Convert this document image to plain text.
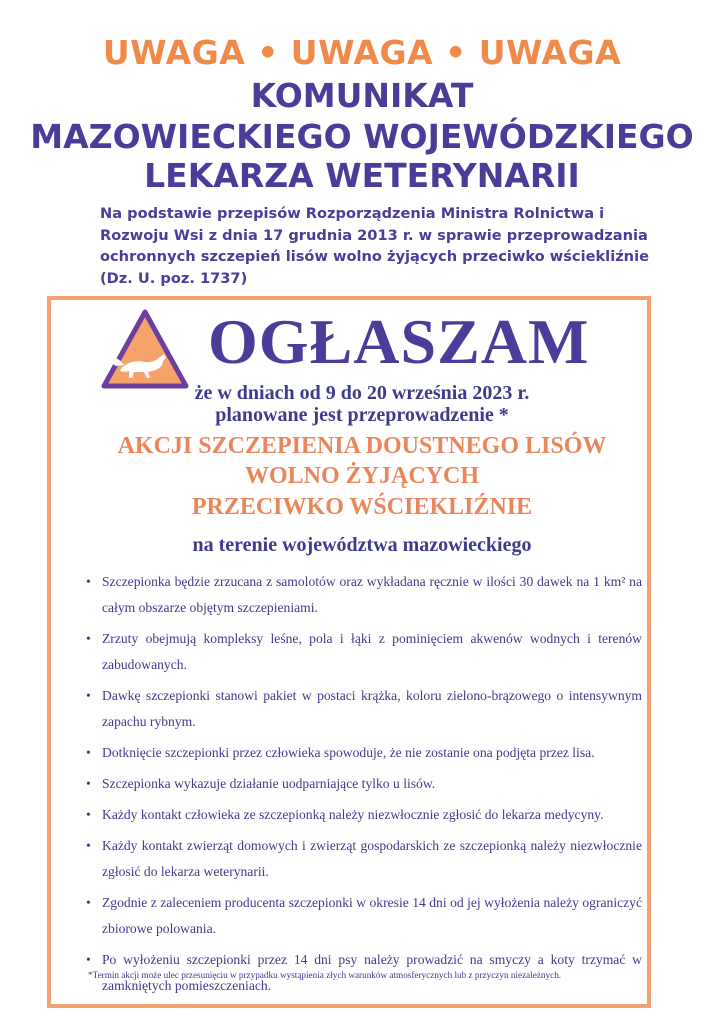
UWAGA • UWAGA • UWAGA
KOMUNIKAT
MAZOWIECKIEGO WOJEWÓDZKIEGO
LEKARZA WETERYNARII
Na podstawie przepisów Rozporządzenia Ministra Rolnictwa i Rozwoju Wsi z dnia 17 grudnia 2013 r. w sprawie przeprowadzania ochronnych szczepień lisów wolno żyjących przeciwko wściekliźnie (Dz. U. poz. 1737)
OGŁASZAM
że w dniach od 9 do 20 września 2023 r.
planowane jest przeprowadzenie *
AKCJI SZCZEPIENIA DOUSTNEGO LISÓW
WOLNO ŻYJĄCYCH
PRZECIWKO WŚCIEKLIŹNIE
na terenie województwa mazowieckiego
• Szczepionka będzie zrzucana z samolotów oraz wykładana ręcznie w ilości 30 dawek na 1 km² na całym obszarze objętym szczepieniami.
• Zrzuty obejmują kompleksy leśne, pola i łąki z pominięciem akwenów wodnych i terenów zabudowanych.
• Dawkę szczepionki stanowi pakiet w postaci krążka, koloru zielono-brązowego o intensywnym zapachu rybnym.
• Dotknięcie szczepionki przez człowieka spowoduje, że nie zostanie ona podjęta przez lisa.
• Szczepionka wykazuje działanie uodparniające tylko u lisów.
• Każdy kontakt człowieka ze szczepionką należy niezwłocznie zgłosić do lekarza medycyny.
• Każdy kontakt zwierząt domowych i zwierząt gospodarskich ze szczepionką należy niezwłocznie zgłosić do lekarza weterynarii.
• Zgodnie z zaleceniem producenta szczepionki w okresie 14 dni od jej wyłożenia należy ograniczyć zbiorowe polowania.
• Po wyłożeniu szczepionki przez 14 dni psy należy prowadzić na smyczy a koty trzymać w zamkniętych pomieszczeniach.
*Termin akcji może ulec przesunięciu w przypadku wystąpienia złych warunków atmosferycznych lub z przyczyn niezależnych.
